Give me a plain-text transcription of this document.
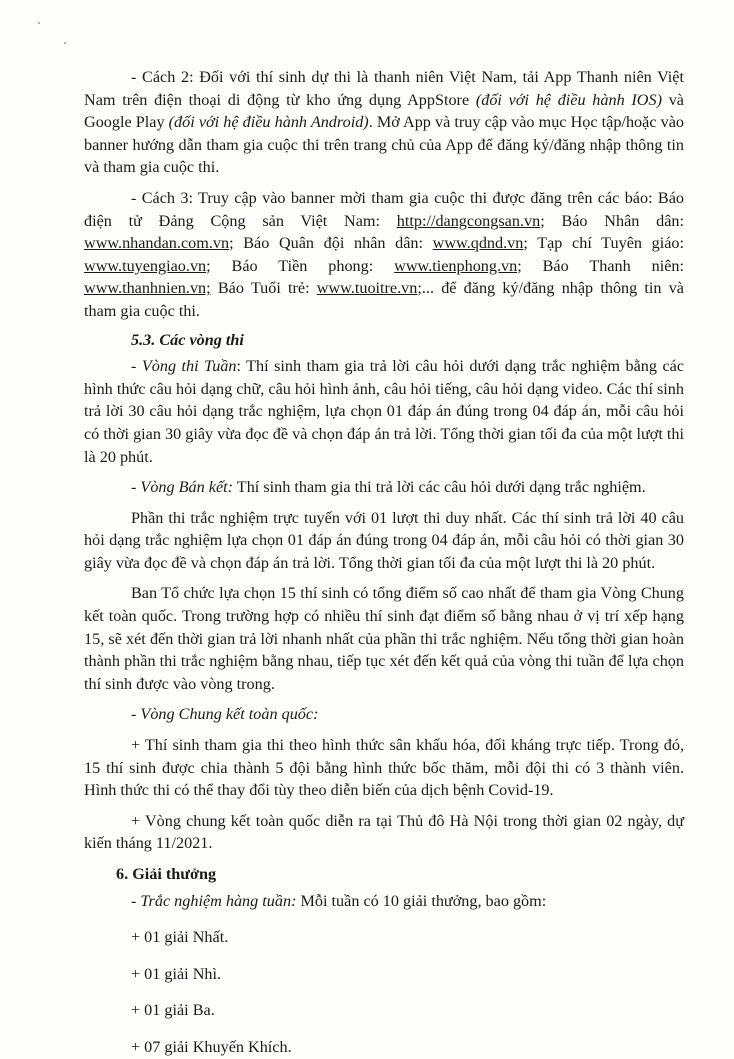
- Cách 2: Đối với thí sinh dự thi là thanh niên Việt Nam, tải App Thanh niên Việt Nam trên điện thoại di động từ kho ứng dụng AppStore (đối với hệ điều hành IOS) và Google Play (đối với hệ điều hành Android). Mở App và truy cập vào mục Học tập/hoặc vào banner hướng dẫn tham gia cuộc thi trên trang chủ của App để đăng ký/đăng nhập thông tin và tham gia cuộc thi.

- Cách 3: Truy cập vào banner mời tham gia cuộc thi được đăng trên các báo: Báo điện tử Đảng Cộng sản Việt Nam: http://dangcongsan.vn; Báo Nhân dân: www.nhandan.com.vn; Báo Quân đội nhân dân: www.qdnd.vn; Tạp chí Tuyên giáo: www.tuyengiao.vn; Báo Tiền phong: www.tienphong.vn; Báo Thanh niên: www.thanhnien.vn; Báo Tuổi trẻ: www.tuoitre.vn;... để đăng ký/đăng nhập thông tin và tham gia cuộc thi.

5.3. Các vòng thi

- Vòng thi Tuần: Thí sinh tham gia trả lời câu hỏi dưới dạng trắc nghiệm bằng các hình thức câu hỏi dạng chữ, câu hỏi hình ảnh, câu hỏi tiếng, câu hỏi dạng video. Các thí sinh trả lời 30 câu hỏi dạng trắc nghiệm, lựa chọn 01 đáp án đúng trong 04 đáp án, mỗi câu hỏi có thời gian 30 giây vừa đọc đề và chọn đáp án trả lời. Tổng thời gian tối đa của một lượt thi là 20 phút.

- Vòng Bán kết: Thí sinh tham gia thi trả lời các câu hỏi dưới dạng trắc nghiệm.

Phần thi trắc nghiệm trực tuyến với 01 lượt thi duy nhất. Các thí sinh trả lời 40 câu hỏi dạng trắc nghiệm lựa chọn 01 đáp án đúng trong 04 đáp án, mỗi câu hỏi có thời gian 30 giây vừa đọc đề và chọn đáp án trả lời. Tổng thời gian tối đa của một lượt thi là 20 phút.

Ban Tổ chức lựa chọn 15 thí sinh có tổng điểm số cao nhất để tham gia Vòng Chung kết toàn quốc. Trong trường hợp có nhiều thí sinh đạt điểm số bằng nhau ở vị trí xếp hạng 15, sẽ xét đến thời gian trả lời nhanh nhất của phần thi trắc nghiệm. Nếu tổng thời gian hoàn thành phần thi trắc nghiệm bằng nhau, tiếp tục xét đến kết quả của vòng thi tuần để lựa chọn thí sinh được vào vòng trong.

- Vòng Chung kết toàn quốc:

+ Thí sinh tham gia thi theo hình thức sân khấu hóa, đối kháng trực tiếp. Trong đó, 15 thí sinh được chia thành 5 đội bằng hình thức bốc thăm, mỗi đội thi có 3 thành viên. Hình thức thi có thể thay đổi tùy theo diễn biến của dịch bệnh Covid-19.

+ Vòng chung kết toàn quốc diễn ra tại Thủ đô Hà Nội trong thời gian 02 ngày, dự kiến tháng 11/2021.

6. Giải thưởng

- Trắc nghiệm hàng tuần: Mỗi tuần có 10 giải thưởng, bao gồm:

+ 01 giải Nhất.

+ 01 giải Nhì.

+ 01 giải Ba.

+ 07 giải Khuyến Khích.
